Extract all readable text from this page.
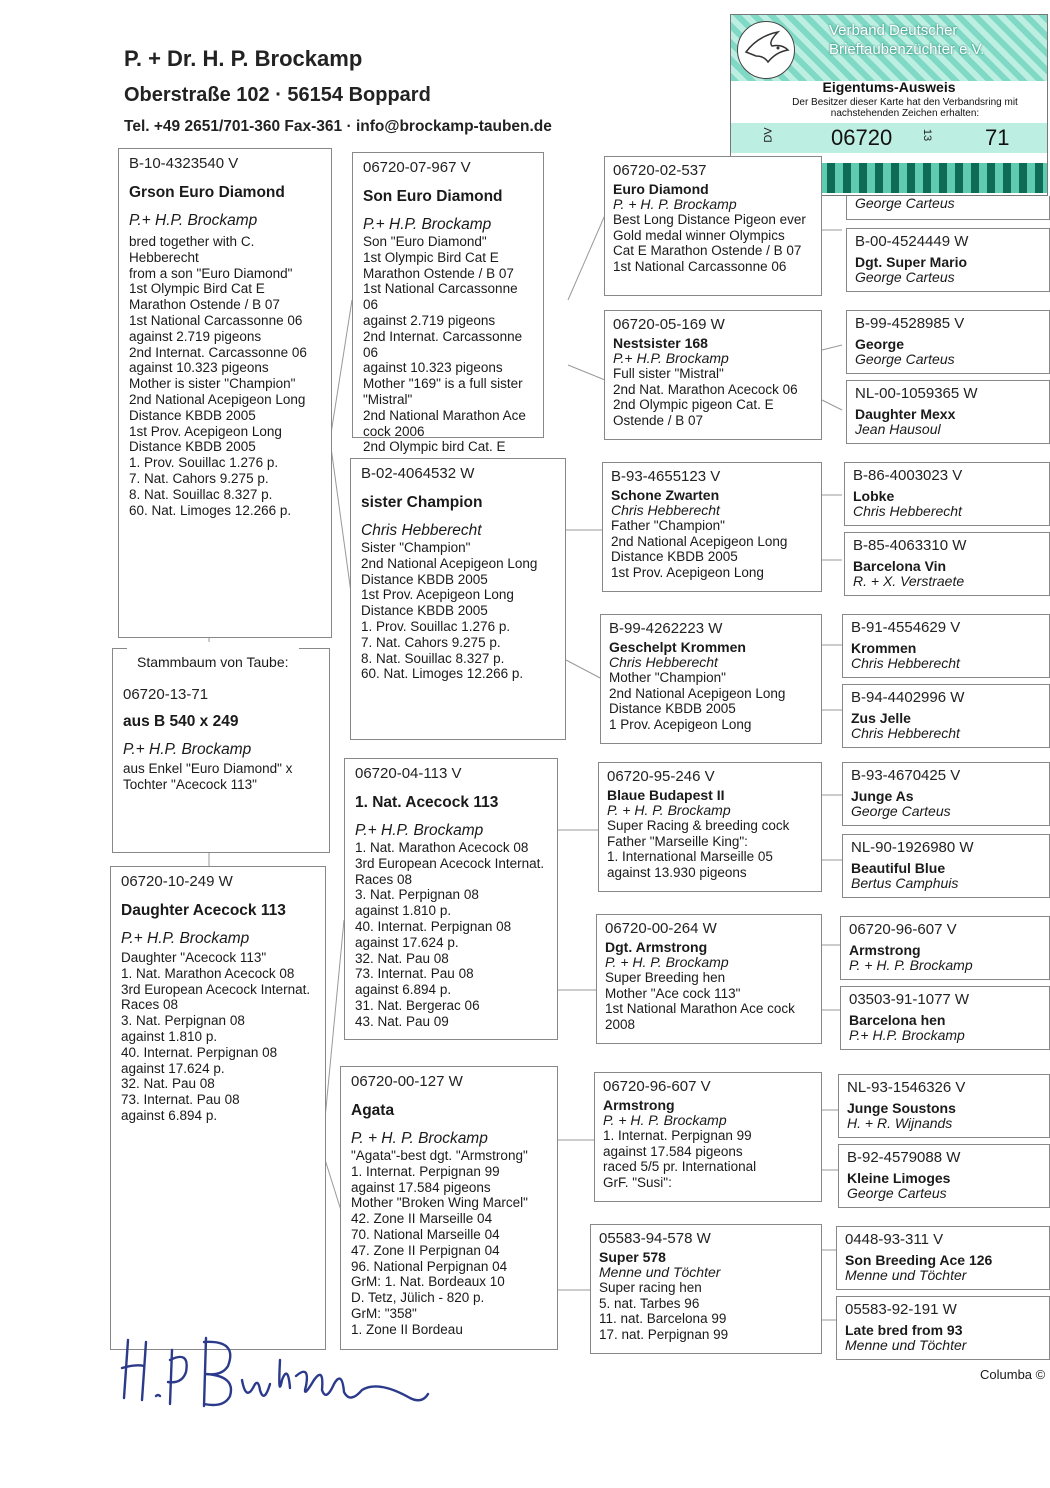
P. + Dr. H. P. Brockamp
Oberstraße 102 · 56154 Boppard
Tel. +49 2651/701-360 Fax-361 · info@brockamp-tauben.de
Verband Deutscher
Brieftaubenzüchter e.V.
Eigentums-Ausweis
Der Besitzer dieser Karte hat den Verbandsring mit nachstehenden Zeichen erhalten:
DV	06720	13 71
B-10-4323540 V
Grson Euro Diamond
P.+ H.P. Brockamp
bred together with C.
Hebberecht
from a son "Euro Diamond"
1st Olympic Bird Cat E
Marathon Ostende / B 07
1st National Carcassonne 06
against 2.719 pigeons
2nd Internat. Carcassonne 06
against 10.323 pigeons
Mother is sister "Champion"
2nd National Acepigeon Long
Distance KBDB 2005
1st Prov. Acepigeon Long
Distance KBDB 2005
1. Prov. Souillac 1.276 p.
7. Nat. Cahors 9.275 p.
8. Nat. Souillac 8.327 p.
60. Nat. Limoges 12.266 p.
Stammbaum von Taube:
06720-13-71
aus B 540 x 249
P.+ H.P. Brockamp
aus Enkel "Euro Diamond" x
Tochter "Acecock 113"
06720-10-249 W
Daughter Acecock 113
P.+ H.P. Brockamp
Daughter "Acecock 113"
1. Nat. Marathon Acecock 08
3rd European Acecock Internat.
Races 08
3. Nat. Perpignan 08
against 1.810 p.
40. Internat. Perpignan 08
against 17.624 p.
32. Nat. Pau 08
73. Internat. Pau 08
against 6.894 p.
06720-07-967 V
Son Euro Diamond
P.+ H.P. Brockamp
Son "Euro Diamond"
1st Olympic Bird Cat E
Marathon Ostende / B 07
1st National Carcassonne 06
against 2.719 pigeons
2nd Internat. Carcassonne 06
against 10.323 pigeons
Mother "169" is a full sister
"Mistral"
2nd National Marathon Ace
cock 2006
2nd Olympic bird Cat. E
B-02-4064532 W
sister Champion
Chris Hebberecht
Sister "Champion"
2nd National Acepigeon Long
Distance KBDB 2005
1st Prov. Acepigeon Long
Distance KBDB 2005
1. Prov. Souillac 1.276 p.
7. Nat. Cahors 9.275 p.
8. Nat. Souillac 8.327 p.
60. Nat. Limoges 12.266 p.
06720-04-113 V
1. Nat. Acecock 113
P.+ H.P. Brockamp
1. Nat. Marathon Acecock 08
3rd European Acecock Internat.
Races 08
3. Nat. Perpignan 08
against 1.810 p.
40. Internat. Perpignan 08
against 17.624 p.
32. Nat. Pau 08
73. Internat. Pau 08
against 6.894 p.
31. Nat. Bergerac 06
43. Nat. Pau 09
06720-00-127 W
Agata
P. + H. P. Brockamp
"Agata"-best dgt. "Armstrong"
1. Internat. Perpignan 99
against 17.584 pigeons
Mother "Broken Wing Marcel"
42. Zone II Marseille 04
70. National Marseille 04
47. Zone II Perpignan 04
96. National Perpignan 04
GrM: 1. Nat. Bordeaux 10
D. Tetz, Jülich - 820 p.
GrM: "358"
1. Zone II Bordeau
06720-02-537
Euro Diamond
P. + H. P. Brockamp
Best Long Distance Pigeon ever
Gold medal winner Olympics
Cat E Marathon Ostende / B 07
1st National Carcassonne 06
06720-05-169 W
Nestsister 168
P.+ H.P. Brockamp
Full sister "Mistral"
2nd Nat. Marathon Acecock 06
2nd Olympic pigeon Cat. E
Ostende / B 07
B-93-4655123 V
Schone Zwarten
Chris Hebberecht
Father "Champion"
2nd National Acepigeon Long
Distance KBDB 2005
1st Prov. Acepigeon Long
B-99-4262223 W
Geschelpt Krommen
Chris Hebberecht
Mother "Champion"
2nd National Acepigeon Long
Distance KBDB 2005
1 Prov. Acepigeon Long
06720-95-246 V
Blaue Budapest II
P. + H. P. Brockamp
Super Racing & breeding cock
Father "Marseille King":
1. International Marseille 05
against 13.930 pigeons
06720-00-264 W
Dgt. Armstrong
P. + H. P. Brockamp
Super Breeding hen
Mother "Ace cock 113"
1st National Marathon Ace cock
2008
06720-96-607 V
Armstrong
P. + H. P. Brockamp
1. Internat. Perpignan 99
against 17.584 pigeons
raced 5/5 pr. International
GrF. "Susi":
05583-94-578 W
Super 578
Menne und Töchter
Super racing hen
5. nat. Tarbes 96
11. nat. Barcelona 99
17. nat. Perpignan 99
George Carteus
B-00-4524449 W
Dgt. Super Mario
George Carteus
B-99-4528985 V
George
George Carteus
NL-00-1059365 W
Daughter Mexx
Jean Hausoul
B-86-4003023 V
Lobke
Chris Hebberecht
B-85-4063310 W
Barcelona Vin
R. + X. Verstraete
B-91-4554629 V
Krommen
Chris Hebberecht
B-94-4402996 W
Zus Jelle
Chris Hebberecht
B-93-4670425 V
Junge As
George Carteus
NL-90-1926980 W
Beautiful Blue
Bertus Camphuis
06720-96-607 V
Armstrong
P. + H. P. Brockamp
03503-91-1077 W
Barcelona hen
P.+ H.P. Brockamp
NL-93-1546326 V
Junge Soustons
H. + R. Wijnands
B-92-4579088 W
Kleine Limoges
George Carteus
0448-93-311 V
Son Breeding Ace 126
Menne und Töchter
05583-92-191 W
Late bred from 93
Menne und Töchter
Columba ©
